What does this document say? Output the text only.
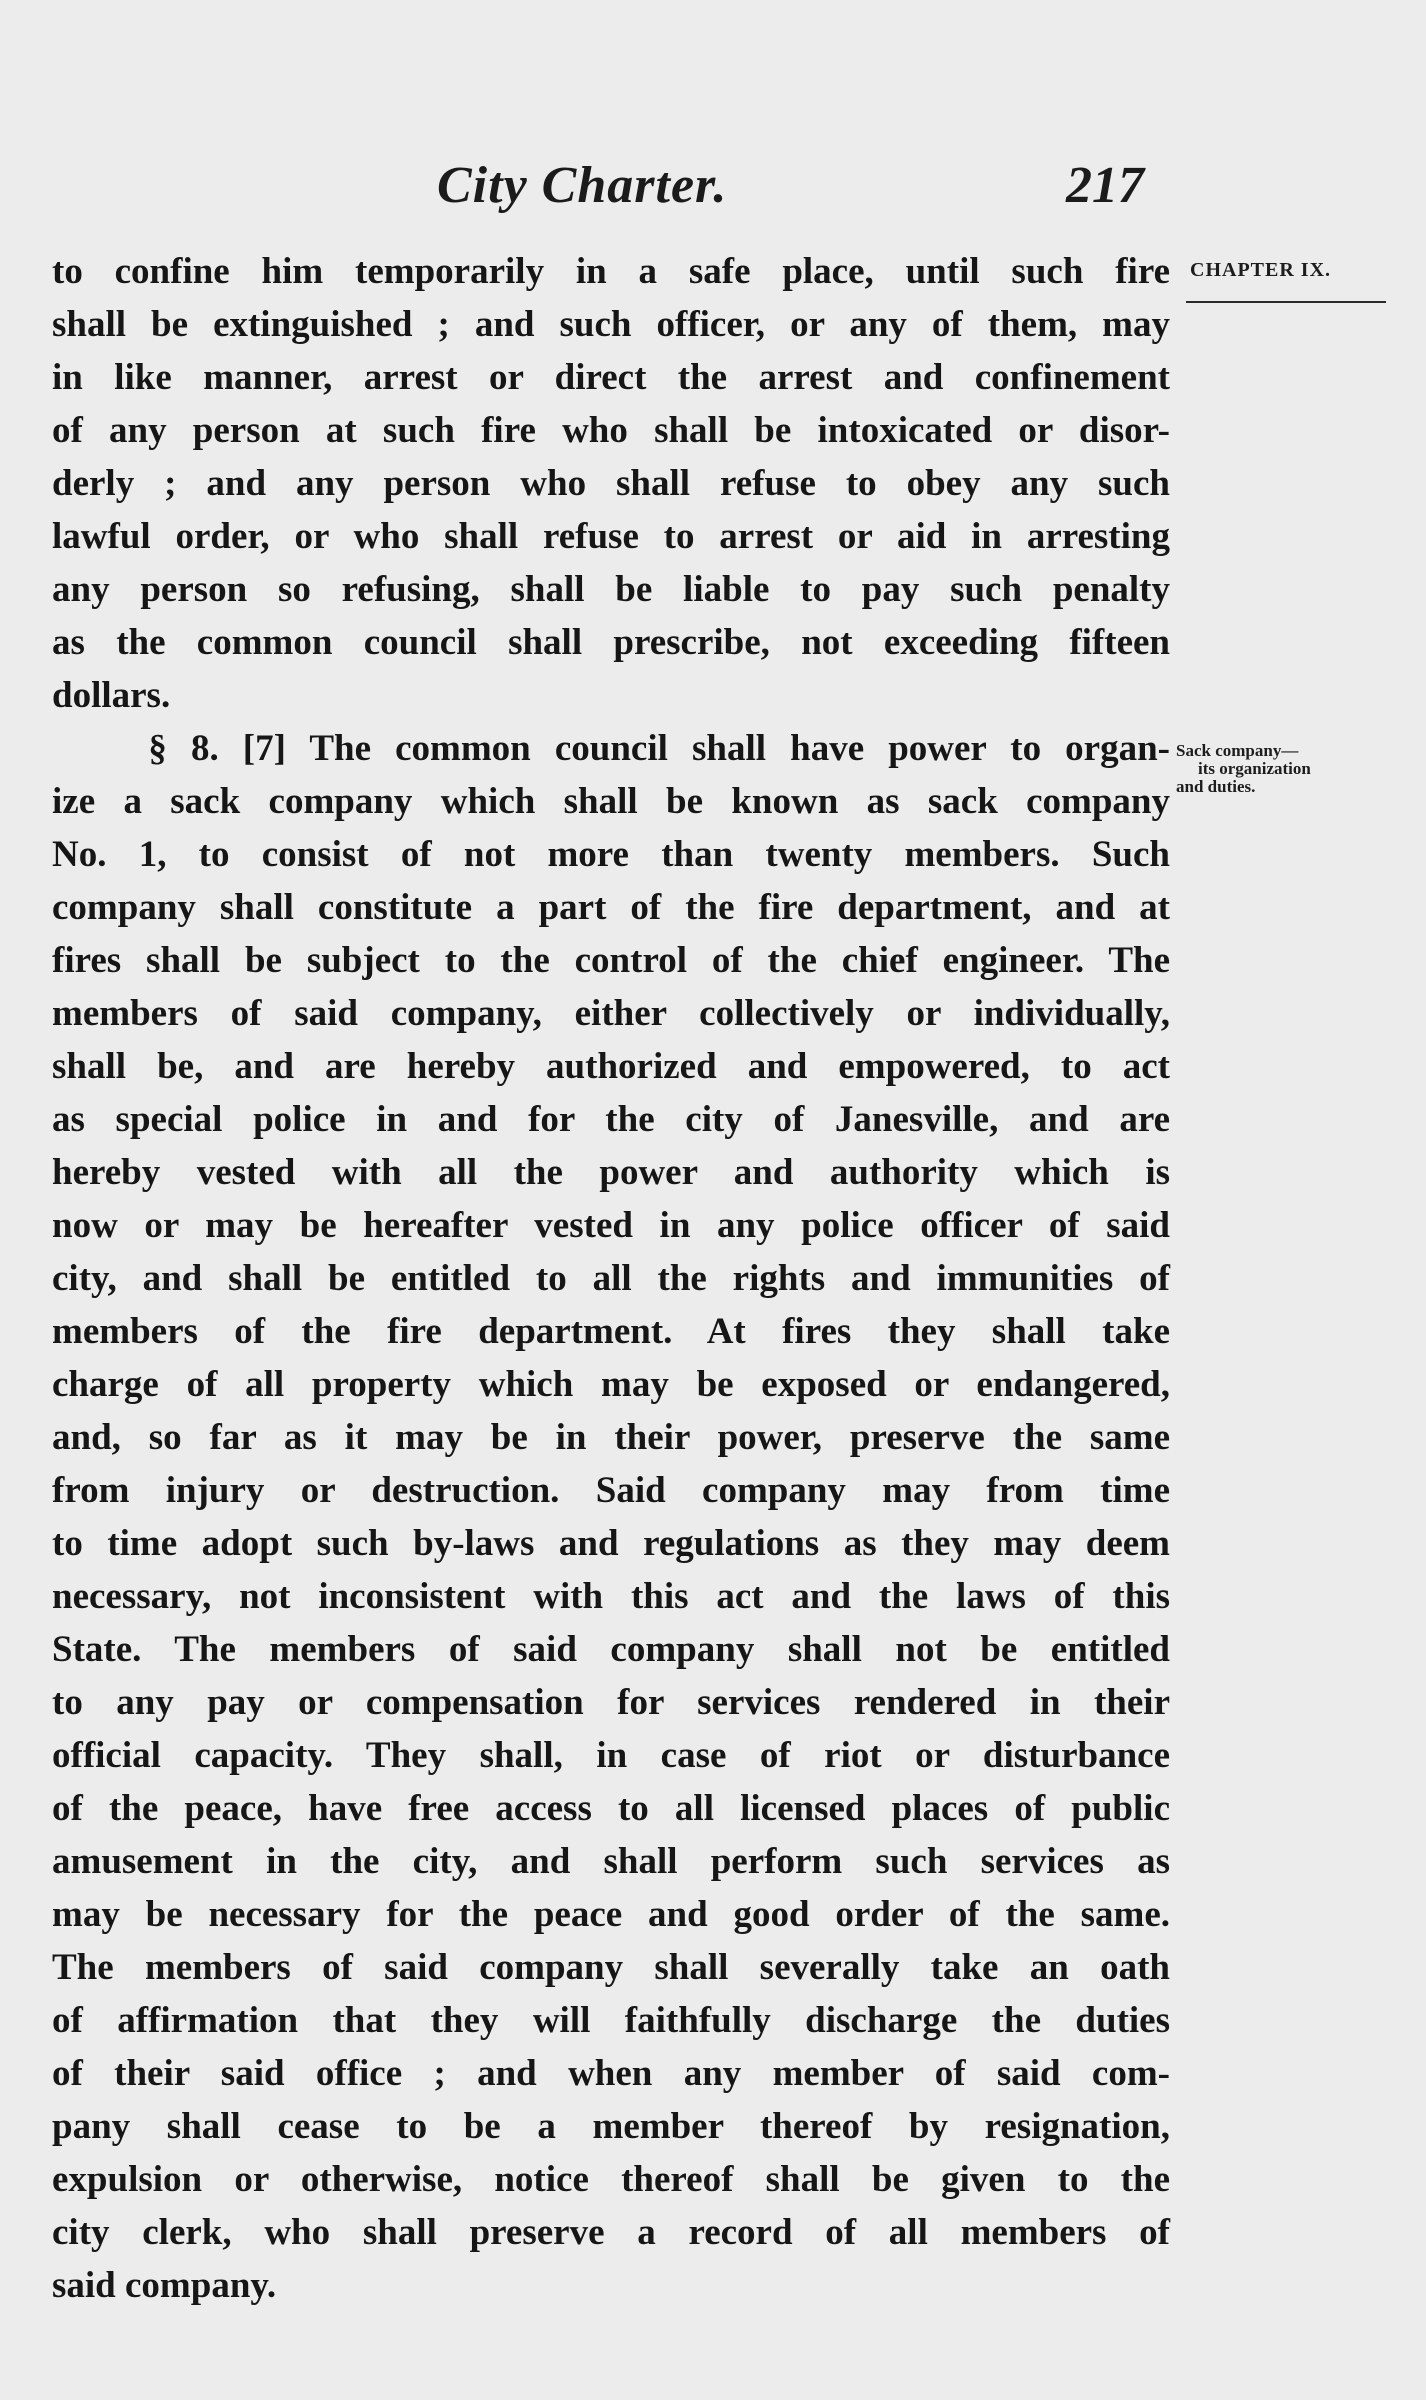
City Charter.	217
CHAPTER IX.
Sack company—
its organization
and duties.
to confine him temporarily in a safe place, until such fire
shall be extinguished ; and such officer, or any of them, may
in like manner, arrest or direct the arrest and confinement
of any person at such fire who shall be intoxicated or disor-
derly ; and any person who shall refuse to obey any such
lawful order, or who shall refuse to arrest or aid in arresting
any person so refusing, shall be liable to pay such penalty
as the common council shall prescribe, not exceeding fifteen
dollars.
§ 8. [7] The common council shall have power to organ-
ize a sack company which shall be known as sack company
No. 1, to consist of not more than twenty members. Such
company shall constitute a part of the fire department, and at
fires shall be subject to the control of the chief engineer. The
members of said company, either collectively or individually,
shall be, and are hereby authorized and empowered, to act
as special police in and for the city of Janesville, and are
hereby vested with all the power and authority which is
now or may be hereafter vested in any police officer of said
city, and shall be entitled to all the rights and immunities of
members of the fire department. At fires they shall take
charge of all property which may be exposed or endangered,
and, so far as it may be in their power, preserve the same
from injury or destruction. Said company may from time
to time adopt such by-laws and regulations as they may deem
necessary, not inconsistent with this act and the laws of this
State. The members of said company shall not be entitled
to any pay or compensation for services rendered in their
official capacity. They shall, in case of riot or disturbance
of the peace, have free access to all licensed places of public
amusement in the city, and shall perform such services as
may be necessary for the peace and good order of the same.
The members of said company shall severally take an oath
of affirmation that they will faithfully discharge the duties
of their said office ; and when any member of said com-
pany shall cease to be a member thereof by resignation,
expulsion or otherwise, notice thereof shall be given to the
city clerk, who shall preserve a record of all members of
said company.
